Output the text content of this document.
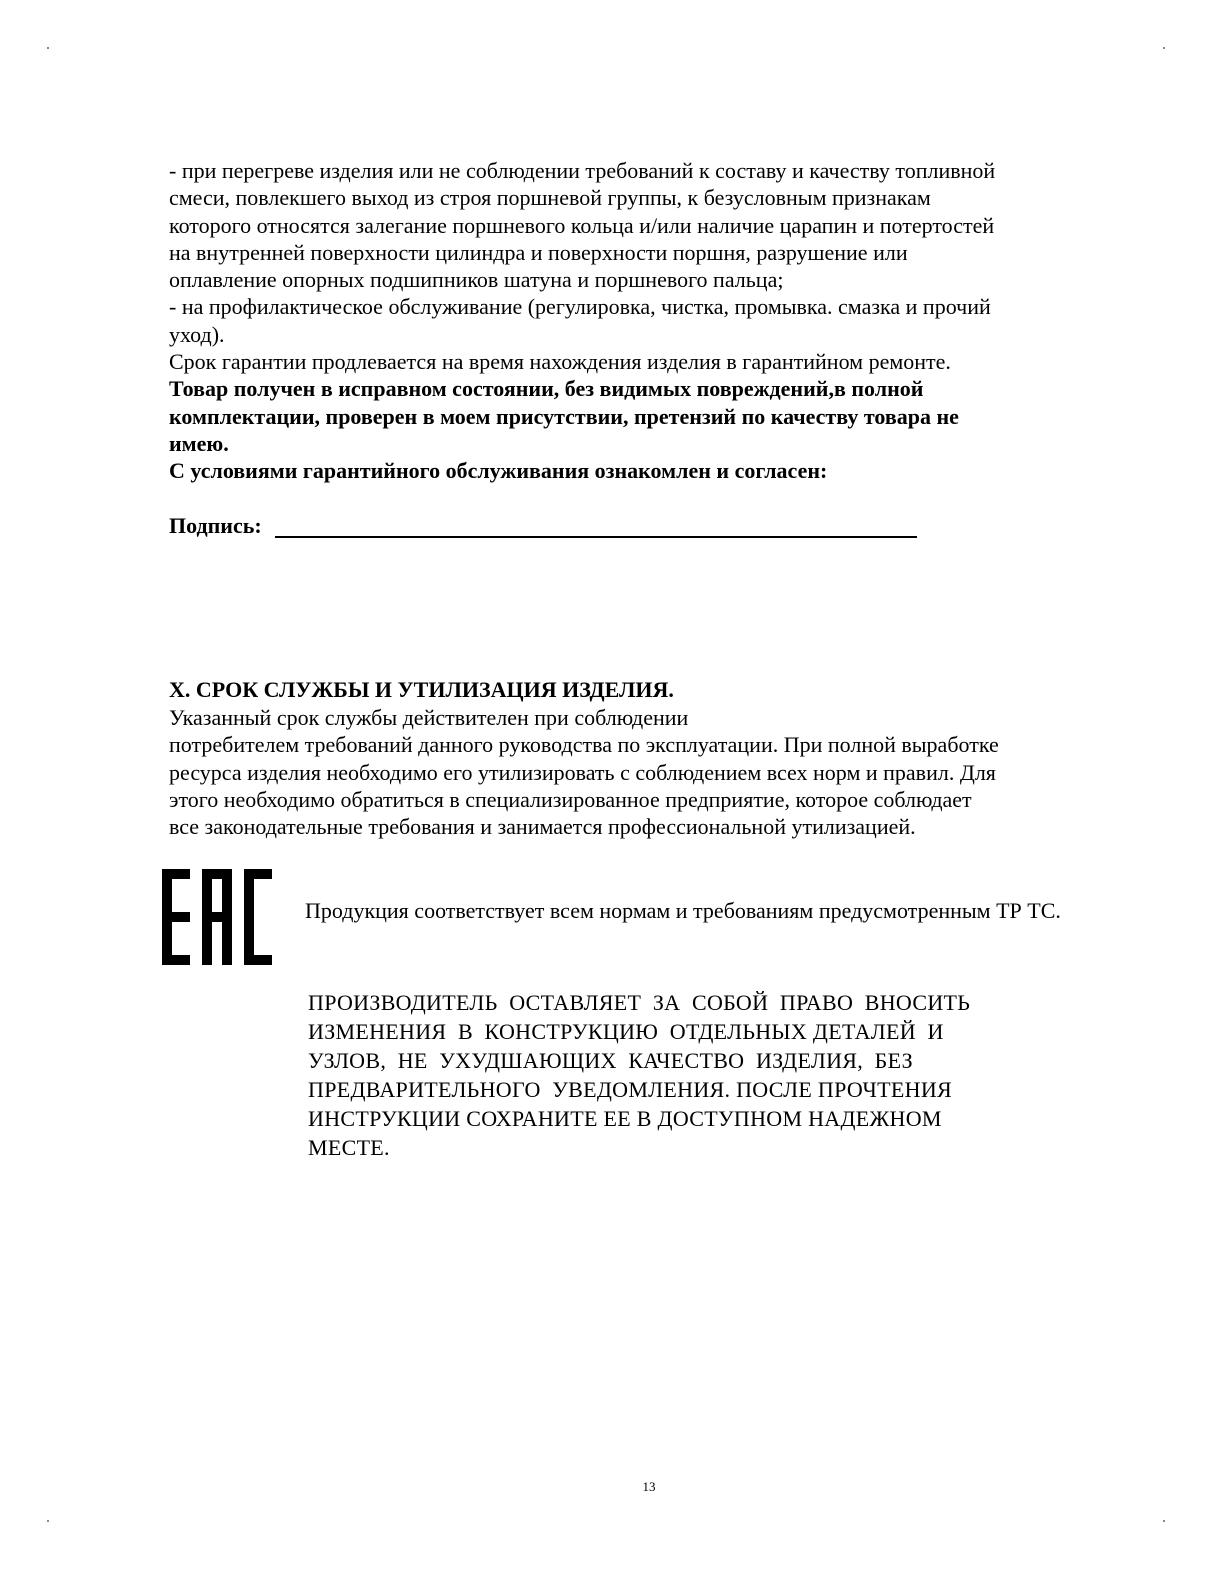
- при перегреве изделия или не соблюдении требований к составу и качеству топливной

смеси, повлекшего выход из строя поршневой группы, к безусловным признакам

которого относятся залегание поршневого кольца и/или наличие царапин и потертостей

на внутренней поверхности цилиндра и поверхности поршня, разрушение или

оплавление опорных подшипников шатуна и поршневого пальца;

- на профилактическое обслуживание (регулировка, чистка, промывка. смазка и прочий

уход).

Срок гарантии продлевается на время нахождения изделия в гарантийном ремонте.

Товар получен в исправном состоянии, без видимых повреждений,в полной

комплектации, проверен в моем присутствии, претензий по качеству товара не

имею.

С условиями гарантийного обслуживания ознакомлен и согласен:

Подпись:
X. СРОК СЛУЖБЫ И УТИЛИЗАЦИЯ ИЗДЕЛИЯ.

Указанный срок службы действителен при соблюдении

потребителем требований данного руководства по эксплуатации. При полной выработке

ресурса изделия необходимо его утилизировать с соблюдением всех норм и правил. Для

этого необходимо обратиться в специализированное предприятие, которое соблюдает

все законодательные требования и занимается профессиональной утилизацией.

Продукция соответствует всем нормам и требованиям предусмотренным ТР ТС.

ПРОИЗВОДИТЕЛЬ  ОСТАВЛЯЕТ  ЗА  СОБОЙ  ПРАВО  ВНОСИТЬ

ИЗМЕНЕНИЯ  В  КОНСТРУКЦИЮ  ОТДЕЛЬНЫХ ДЕТАЛЕЙ  И

УЗЛОВ,  НЕ  УХУДШАЮЩИХ  КАЧЕСТВО  ИЗДЕЛИЯ,  БЕЗ

ПРЕДВАРИТЕЛЬНОГО  УВЕДОМЛЕНИЯ. ПОСЛЕ ПРОЧТЕНИЯ

ИНСТРУКЦИИ СОХРАНИТЕ ЕЕ В ДОСТУПНОМ НАДЕЖНОМ

МЕСТЕ.

13
